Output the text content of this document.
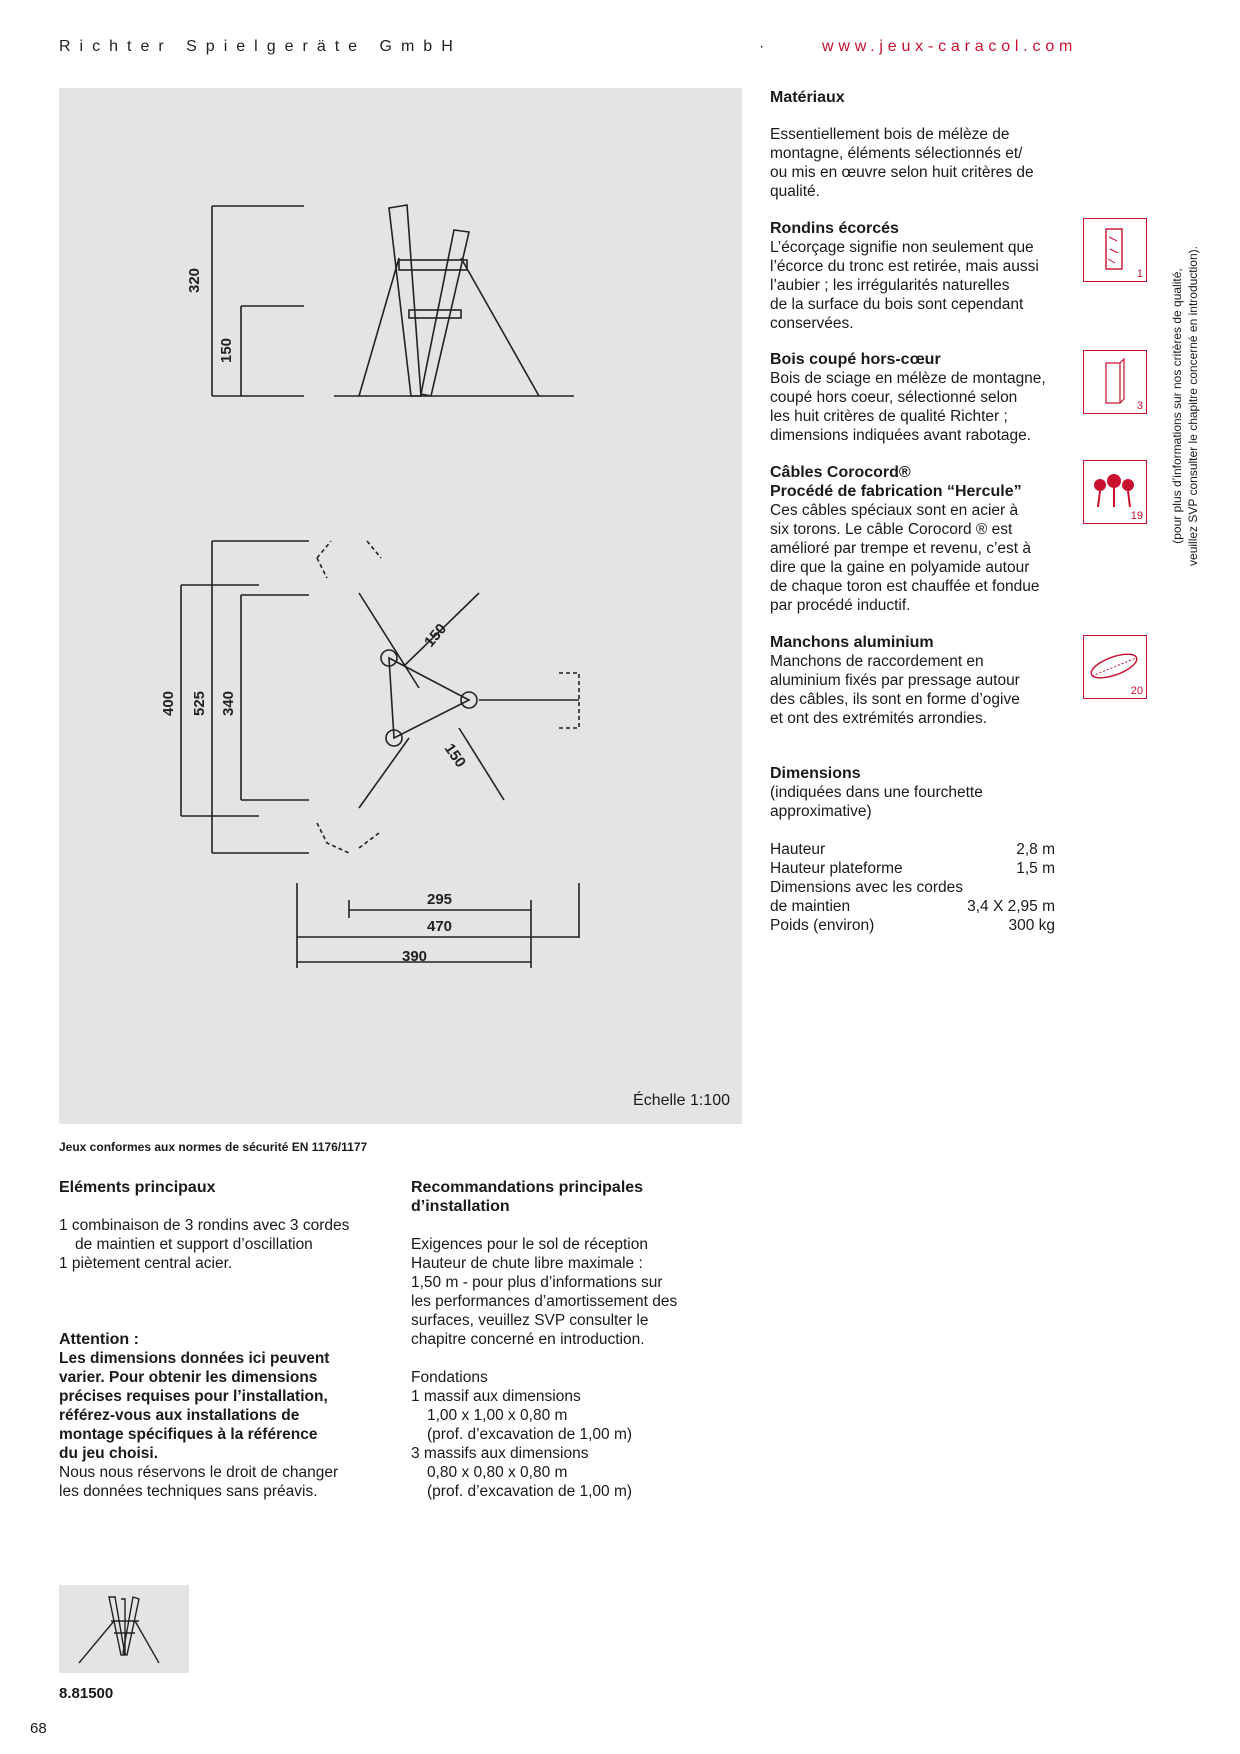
Richter Spielgeräte GmbH	·	www.jeux-caracol.com
320
150
400 525 340
150
150
295
470
390
Échelle 1:100
Matériaux

Essentiellement bois de mélèze de
montagne, éléments sélectionnés et/
ou mis en œuvre selon huit critères de
qualité.

Rondins écorcés

L’écorçage signifie non seulement que
l’écorce du tronc est retirée, mais aussi
l’aubier ; les irrégularités naturelles
de la surface du bois sont cependant
conservées.

Bois coupé hors-cœur

Bois de sciage en mélèze de montagne,
coupé hors coeur, sélectionné selon
les huit critères de qualité Richter ;
dimensions indiquées avant rabotage.

Câbles Corocord®
Procédé de fabrication “Hercule”

Ces câbles spéciaux sont en acier à
six torons. Le câble Corocord ® est
amélioré par trempe et revenu, c’est à
dire que la gaine en polyamide autour
de chaque toron est chauffée et fondue
par procédé inductif.

Manchons aluminium

Manchons de raccordement en
aluminium fixés par pressage autour
des câbles, ils sont en forme d’ogive
et ont des extrémités arrondies.

Dimensions

(indiquées dans une fourchette
approximative)

Hauteur	2,8 m
Hauteur plateforme	1,5 m
Dimensions avec les cordes
de maintien	3,4 X 2,95 m
Poids (environ)	300 kg
1
3
19
20
(pour plus d’informations sur nos critères de qualité, veuillez SVP consulter le chapitre concerné en introduction).
Jeux conformes aux normes de sécurité EN 1176/1177
Eléments principaux

1 combinaison de 3 rondins avec 3 cordes
de maintien et support d’oscillation
1 piètement central acier.

Attention :

Les dimensions données ici peuvent
varier. Pour obtenir les dimensions
précises requises pour l’installation,
référez-vous aux installations de
montage spécifiques à la référence
du jeu choisi.

Nous nous réservons le droit de changer
les données techniques sans préavis.

Recommandations principales
d’installation

Exigences pour le sol de réception
Hauteur de chute libre maximale :
1,50 m - pour plus d’informations sur
les performances d’amortissement des
surfaces, veuillez SVP consulter le
chapitre concerné en introduction.

Fondations
1 massif aux dimensions
1,00 x 1,00 x 0,80 m
(prof. d’excavation de 1,00 m)
3 massifs aux dimensions
0,80 x 0,80 x 0,80 m
(prof. d’excavation de 1,00 m)

8.81500
68
